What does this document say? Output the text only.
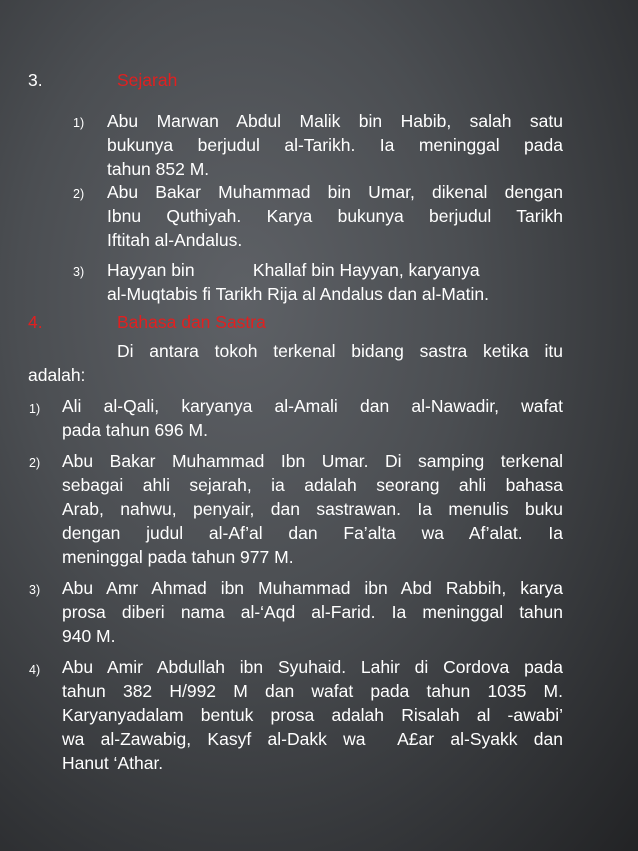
3.	Sejarah
1) Abu Marwan Abdul Malik bin Habib, salah satu
bukunya berjudul al-Tarikh. Ia meninggal pada
tahun 852 M.
2) Abu Bakar Muhammad bin Umar, dikenal dengan
Ibnu Quthiyah. Karya bukunya berjudul Tarikh
Iftitah al-Andalus.
3) Hayyan bin            Khallaf bin Hayyan, karyanya
al-Muqtabis fi Tarikh Rija al Andalus dan al-Matin.
4.	Bahasa dan Sastra
Di antara tokoh terkenal bidang sastra ketika itu
adalah:
1) Ali al-Qali, karyanya al-Amali dan al-Nawadir, wafat
pada tahun 696 M.
2) Abu Bakar Muhammad Ibn Umar. Di samping terkenal
sebagai ahli sejarah, ia adalah seorang ahli bahasa
Arab, nahwu, penyair, dan sastrawan. Ia menulis buku
dengan judul al-Af’al dan Fa’alta wa Af’alat. Ia
meninggal pada tahun 977 M.
3) Abu Amr Ahmad ibn Muhammad ibn Abd Rabbih, karya
prosa diberi nama al-‘Aqd al-Farid. Ia meninggal tahun
940 M.
4) Abu Amir Abdullah ibn Syuhaid. Lahir di Cordova pada
tahun 382 H/992 M dan wafat pada tahun 1035 M.
Karyanyadalam bentuk prosa adalah Risalah al -awabi’
wa al-Zawabig, Kasyf al-Dakk wa  A£ar al-Syakk dan
Hanut ‘Athar.
